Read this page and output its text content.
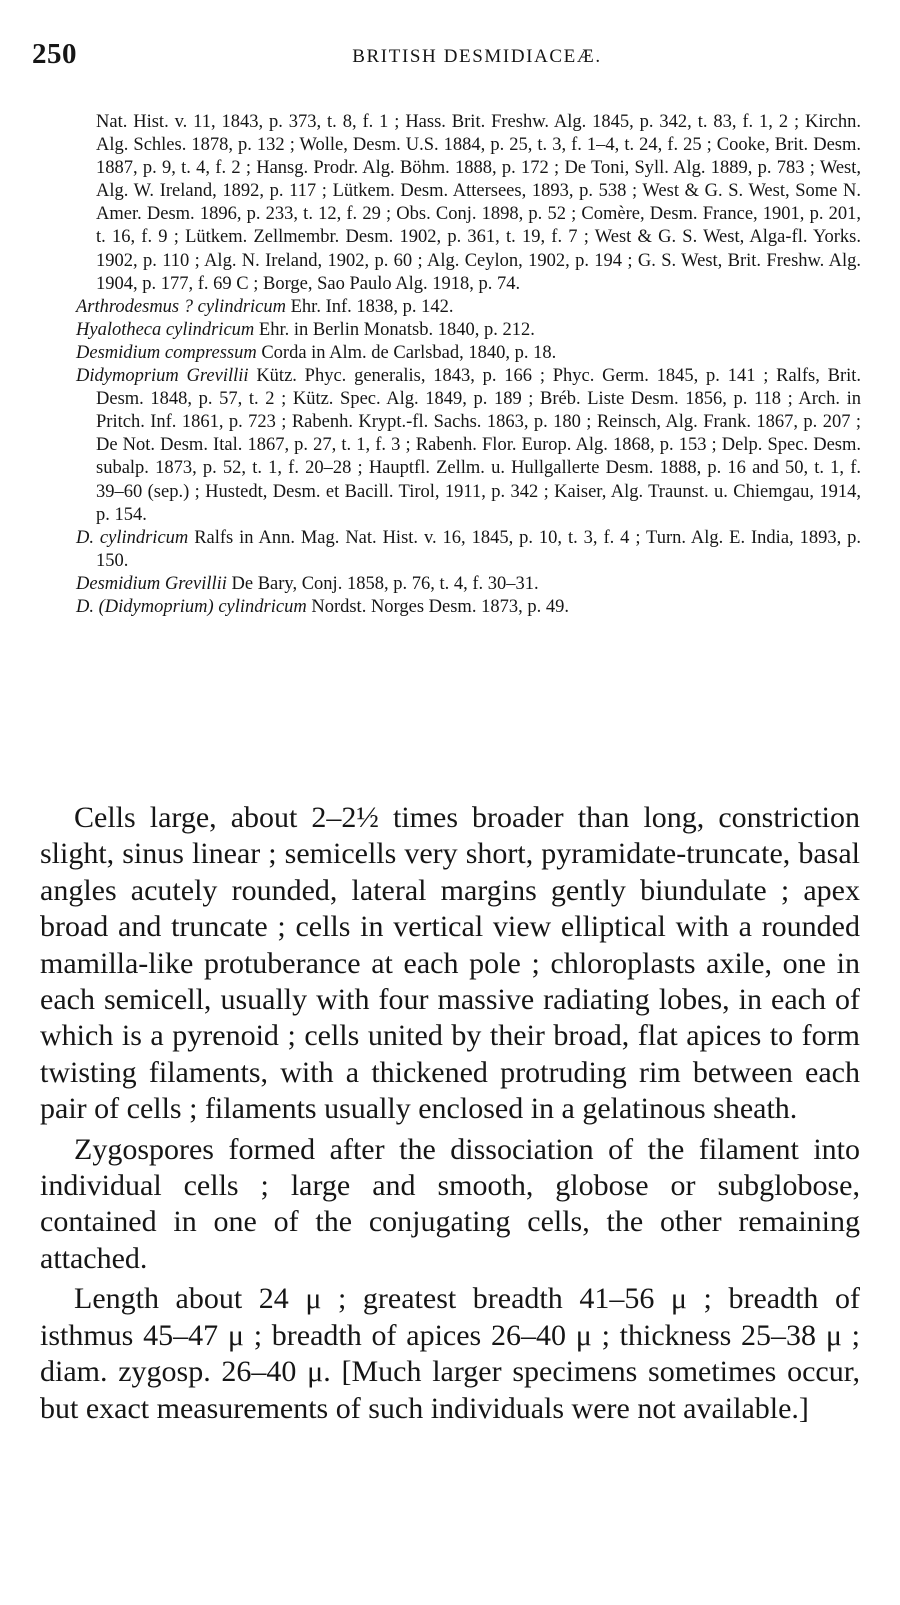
250	BRITISH DESMIDIACEÆ.

Nat. Hist. v. 11, 1843, p. 373, t. 8, f. 1 ; Hass. Brit. Freshw. Alg. 1845, p. 342, t. 83, f. 1, 2 ; Kirchn. Alg. Schles. 1878, p. 132 ; Wolle, Desm. U.S. 1884, p. 25, t. 3, f. 1–4, t. 24, f. 25 ; Cooke, Brit. Desm. 1887, p. 9, t. 4, f. 2 ; Hansg. Prodr. Alg. Böhm. 1888, p. 172 ; De Toni, Syll. Alg. 1889, p. 783 ; West, Alg. W. Ireland, 1892, p. 117 ; Lütkem. Desm. Attersees, 1893, p. 538 ; West & G. S. West, Some N. Amer. Desm. 1896, p. 233, t. 12, f. 29 ; Obs. Conj. 1898, p. 52 ; Comère, Desm. France, 1901, p. 201, t. 16, f. 9 ; Lütkem. Zellmembr. Desm. 1902, p. 361, t. 19, f. 7 ; West & G. S. West, Alga-fl. Yorks. 1902, p. 110 ; Alg. N. Ireland, 1902, p. 60 ; Alg. Ceylon, 1902, p. 194 ; G. S. West, Brit. Freshw. Alg. 1904, p. 177, f. 69 C ; Borge, Sao Paulo Alg. 1918, p. 74.

Arthrodesmus ? cylindricum Ehr. Inf. 1838, p. 142.

Hyalotheca cylindricum Ehr. in Berlin Monatsb. 1840, p. 212.

Desmidium compressum Corda in Alm. de Carlsbad, 1840, p. 18.

Didymoprium Grevillii Kütz. Phyc. generalis, 1843, p. 166 ; Phyc. Germ. 1845, p. 141 ; Ralfs, Brit. Desm. 1848, p. 57, t. 2 ; Kütz. Spec. Alg. 1849, p. 189 ; Bréb. Liste Desm. 1856, p. 118 ; Arch. in Pritch. Inf. 1861, p. 723 ; Rabenh. Krypt.-fl. Sachs. 1863, p. 180 ; Reinsch, Alg. Frank. 1867, p. 207 ; De Not. Desm. Ital. 1867, p. 27, t. 1, f. 3 ; Rabenh. Flor. Europ. Alg. 1868, p. 153 ; Delp. Spec. Desm. subalp. 1873, p. 52, t. 1, f. 20–28 ; Hauptfl. Zellm. u. Hullgallerte Desm. 1888, p. 16 and 50, t. 1, f. 39–60 (sep.) ; Hustedt, Desm. et Bacill. Tirol, 1911, p. 342 ; Kaiser, Alg. Traunst. u. Chiemgau, 1914, p. 154.

D. cylindricum Ralfs in Ann. Mag. Nat. Hist. v. 16, 1845, p. 10, t. 3, f. 4 ; Turn. Alg. E. India, 1893, p. 150.

Desmidium Grevillii De Bary, Conj. 1858, p. 76, t. 4, f. 30–31.

D. (Didymoprium) cylindricum Nordst. Norges Desm. 1873, p. 49.

Cells large, about 2–2½ times broader than long, constriction slight, sinus linear ; semicells very short, pyramidate-truncate, basal angles acutely rounded, lateral margins gently biundulate ; apex broad and truncate ; cells in vertical view elliptical with a rounded mamilla-like protuberance at each pole ; chloroplasts axile, one in each semicell, usually with four massive radiating lobes, in each of which is a pyrenoid ; cells united by their broad, flat apices to form twisting filaments, with a thickened protruding rim between each pair of cells ; filaments usually enclosed in a gelatinous sheath.

Zygospores formed after the dissociation of the filament into individual cells ; large and smooth, globose or subglobose, contained in one of the conjugating cells, the other remaining attached.

Length about 24 μ ; greatest breadth 41–56 μ ; breadth of isthmus 45–47 μ ; breadth of apices 26–40 μ ; thickness 25–38 μ ; diam. zygosp. 26–40 μ. [Much larger specimens sometimes occur, but exact measurements of such individuals were not available.]
